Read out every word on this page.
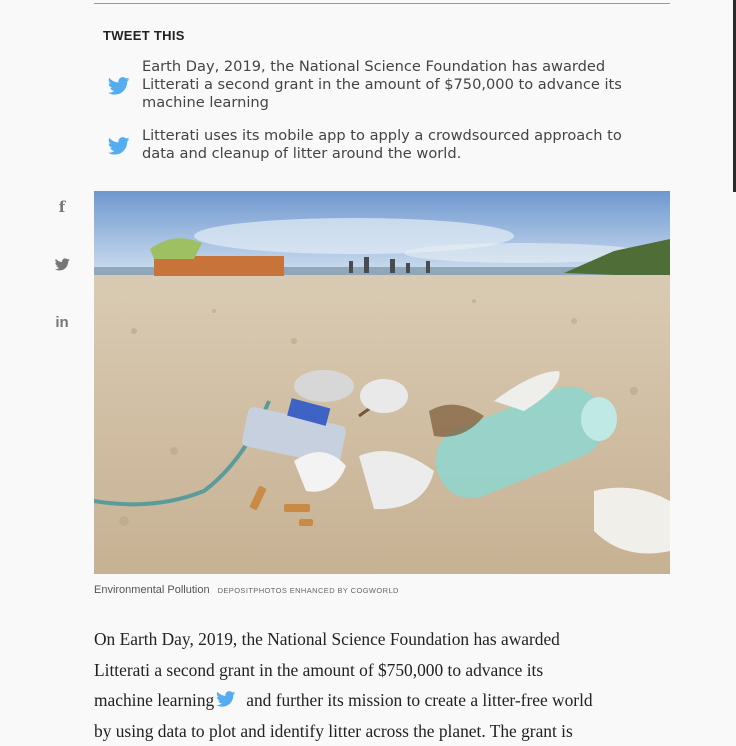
TWEET THIS
Earth Day, 2019, the National Science Foundation has awarded
Litterati a second grant in the amount of $750,000 to advance its
machine learning
Litterati uses its mobile app to apply a crowdsourced approach to
data and cleanup of litter around the world.
f
in
Environmental Pollution DEPOSITPHOTOS ENHANCED BY COGWORLD
On Earth Day, 2019, the National Science Foundation has awarded
Litterati a second grant in the amount of $750,000 to advance its
machine learning and further its mission to create a litter-free world
by using data to plot and identify litter across the planet. The grant is
